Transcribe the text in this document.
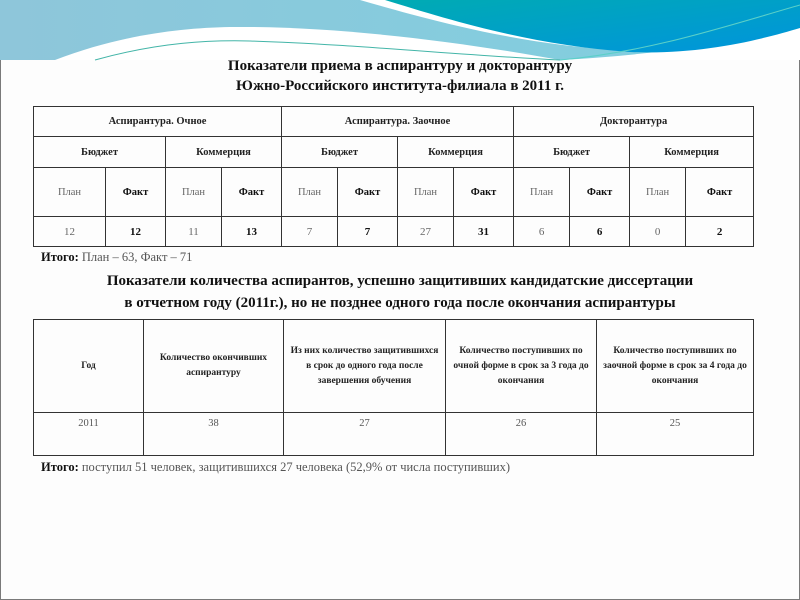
Показатели приема в аспирантуру и докторантуру
Южно-Российского института-филиала в 2011 г.
Аспирантура. Очное				Аспирантура. Заочное				Докторантура			
Бюджет		Коммерция		Бюджет		Коммерция		Бюджет		Коммерция	
План	Факт	План	Факт	План	Факт	План	Факт	План	Факт	План	Факт
12	12	11	13	7	7	27	31	6	6	0	2
Итого: План – 63, Факт – 71
Показатели количества аспирантов, успешно защитивших кандидатские диссертации
в отчетном году (2011г.), но не позднее одного года после окончания аспирантуры
Год	Количество окончивших аспирантуру	Из них количество защитившихся в срок до одного года после завершения обучения	Количество поступивших по очной форме в срок за 3 года до окончания	Количество поступивших по заочной форме в срок за 4 года до окончания
2011	38	27	26	25
Итого: поступил 51 человек, защитившихся 27 человека (52,9% от числа поступивших)
